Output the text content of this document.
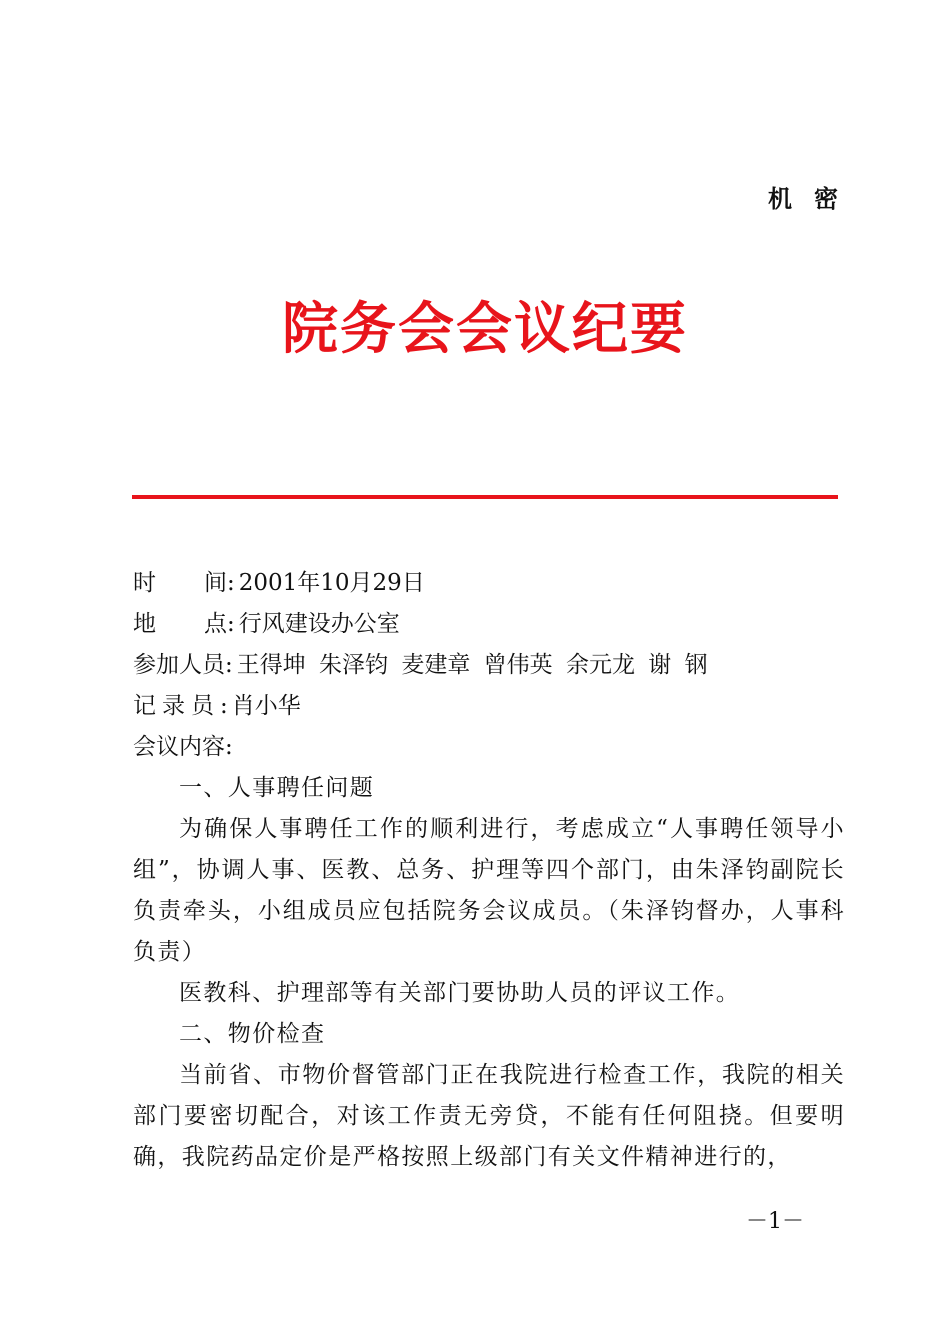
机密
院务会会议纪要
时间: 2001年10月29日
地点: 行风建设办公室
参加人员: 王得坤 朱泽钧 麦建章 曾伟英 余元龙 谢 钢
记录员: 肖小华
会议内容:

一、人事聘任问题

为确保人事聘任工作的顺利进行，考虑成立“人事聘任领导小组”，协调人事、医教、总务、护理等四个部门，由朱泽钧副院长负责牵头，小组成员应包括院务会议成员。（朱泽钧督办，人事科负责）

医教科、护理部等有关部门要协助人员的评议工作。

二、物价检查

当前省、市物价督管部门正在我院进行检查工作，我院的相关部门要密切配合，对该工作责无旁贷，不能有任何阻挠。但要明确，我院药品定价是严格按照上级部门有关文件精神进行的，

－1－
